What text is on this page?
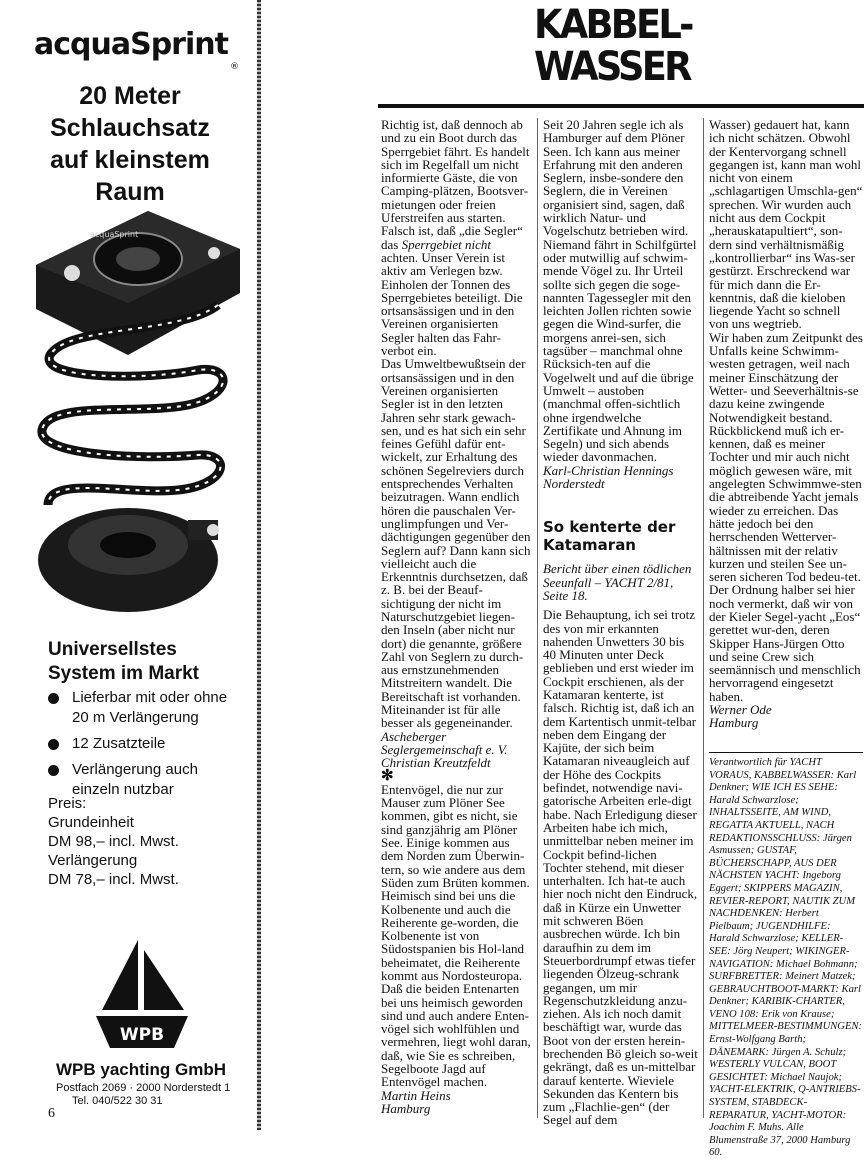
acquaSprint
®
20 Meter
Schlauchsatz
auf kleinstem
Raum
acquaSprint
Universellstes
System im Markt
Lieferbar mit oder ohne
20 m Verlängerung
12 Zusatzteile
Verlängerung auch
einzeln nutzbar
Preis:
Grundeinheit
DM 98,– incl. Mwst.
Verlängerung
DM 78,– incl. Mwst.
WPB
WPB yachting GmbH
Postfach 2069 · 2000 Norderstedt 1
Tel. 040/522 30 31
6
KABBEL-
WASSER

Richtig ist, daß dennoch ab und zu ein Boot durch das Sperrgebiet fährt. Es handelt sich im Regelfall um nicht informierte Gäste, die von Camping-plätzen, Bootsver-mietungen oder freien Uferstreifen aus starten. Falsch ist, daß „die Segler“ das Sperrgebiet nicht achten. Unser Verein ist aktiv am Verlegen bzw. Einholen der Tonnen des Sperrgebietes beteiligt. Die ortsansässigen und in den Vereinen organisierten Segler halten das Fahr-verbot ein.

Das Umweltbewußtsein der ortsansässigen und in den Vereinen organisierten Segler ist in den letzten Jahren sehr stark gewach-sen, und es hat sich ein sehr feines Gefühl dafür ent-wickelt, zur Erhaltung des schönen Segelreviers durch entsprechendes Verhalten beizutragen. Wann endlich hören die pauschalen Ver-unglimpfungen und Ver-dächtigungen gegenüber den Seglern auf? Dann kann sich vielleicht auch die Erkenntnis durchsetzen, daß z. B. bei der Beauf-sichtigung der nicht im Naturschutzgebiet liegen-den Inseln (aber nicht nur dort) die genannte, größere Zahl von Seglern zu durch-aus ernstzunehmenden Mitstreitern wandelt. Die Bereitschaft ist vorhanden. Miteinander ist für alle besser als gegeneinander.

Ascheberger
Seglergemeinschaft e. V.
Christian Kreutzfeldt

✻

Entenvögel, die nur zur Mauser zum Plöner See kommen, gibt es nicht, sie sind ganzjährig am Plöner See. Einige kommen aus dem Norden zum Überwin-tern, so wie andere aus dem Süden zum Brüten kommen. Heimisch sind bei uns die Kolbenente und auch die Reiherente ge-worden, die Kolbenente ist von Südostspanien bis Hol-land beheimatet, die Reiherente kommt aus Nordosteuropa. Daß die beiden Entenarten bei uns heimisch geworden sind und auch andere Enten-vögel sich wohlfühlen und vermehren, liegt wohl daran, daß, wie Sie es schreiben, Segelboote Jagd auf Entenvögel machen.

Martin Heins
Hamburg

Seit 20 Jahren segle ich als Hamburger auf dem Plöner Seen. Ich kann aus meiner Erfahrung mit den anderen Seglern, insbe-sondere den Seglern, die in Vereinen organisiert sind, sagen, daß wirklich Natur- und Vogelschutz betrieben wird. Niemand fährt in Schilfgürtel oder mutwillig auf schwim-mende Vögel zu. Ihr Urteil sollte sich gegen die soge-nannten Tagessegler mit den leichten Jollen richten sowie gegen die Wind-surfer, die morgens anrei-sen, sich tagsüber – manchmal ohne Rücksich-ten auf die Vogelwelt und auf die übrige Umwelt – austoben (manchmal offen-sichtlich ohne irgendwelche Zertifikate und Ahnung im Segeln) und sich abends wieder davonmachen.

Karl-Christian Hennings
Norderstedt

So kenterte der
Katamaran

Bericht über einen tödlichen Seeunfall – YACHT 2/81, Seite 18.

Die Behauptung, ich sei trotz des von mir erkannten nahenden Unwetters 30 bis 40 Minuten unter Deck geblieben und erst wieder im Cockpit erschienen, als der Katamaran kenterte, ist falsch. Richtig ist, daß ich an dem Kartentisch unmit-telbar neben dem Eingang der Kajüte, der sich beim Katamaran niveaugleich auf der Höhe des Cockpits befindet, notwendige navi-gatorische Arbeiten erle-digt habe. Nach Erledigung dieser Arbeiten habe ich mich, unmittelbar neben meiner im Cockpit befind-lichen Tochter stehend, mit dieser unterhalten. Ich hat-te auch hier noch nicht den Eindruck, daß in Kürze ein Unwetter mit schweren Böen ausbrechen würde. Ich bin daraufhin zu dem im Steuerbordrumpf etwas tiefer liegenden Ölzeug-schrank gegangen, um mir Regenschutzkleidung anzu-ziehen. Als ich noch damit beschäftigt war, wurde das Boot von der ersten herein-brechenden Bö gleich so-weit gekrängt, daß es un-mittelbar darauf kenterte. Wieviele Sekunden das Kentern bis zum „Flachlie-gen“ (der Segel auf dem

Wasser) gedauert hat, kann ich nicht schätzen. Obwohl der Kentervorgang schnell gegangen ist, kann man wohl nicht von einem „schlagartigen Umschla-gen“ sprechen. Wir wurden auch nicht aus dem Cockpit „herauskatapultiert“, son-dern sind verhältnismäßig „kontrollierbar“ ins Was-ser gestürzt. Erschreckend war für mich dann die Er-kenntnis, daß die kieloben liegende Yacht so schnell von uns wegtrieb.

Wir haben zum Zeitpunkt des Unfalls keine Schwimm-westen getragen, weil nach meiner Einschätzung der Wetter- und Seeverhältnis-se dazu keine zwingende Notwendigkeit bestand. Rückblickend muß ich er-kennen, daß es meiner Tochter und mir auch nicht möglich gewesen wäre, mit angelegten Schwimmwe-sten die abtreibende Yacht jemals wieder zu erreichen. Das hätte jedoch bei den herrschenden Wetterver-hältnissen mit der relativ kurzen und steilen See un-seren sicheren Tod bedeu-tet.

Der Ordnung halber sei hier noch vermerkt, daß wir von der Kieler Segel-yacht „Eos“ gerettet wur-den, deren Skipper Hans-Jürgen Otto und seine Crew sich seemännisch und menschlich hervorragend eingesetzt haben.

Werner Ode
Hamburg

Verantwortlich für YACHT VORAUS, KABBELWASSER: Karl Denkner; WIE ICH ES SEHE: Harald Schwarzlose; INHALTSSEITE, AM WIND, REGATTA AKTUELL, NACH REDAKTIONSSCHLUSS: Jürgen Asmussen; GUSTAF, BÜCHERSCHAPP, AUS DER NÄCHSTEN YACHT: Ingeborg Eggert; SKIPPERS MAGAZIN, REVIER-REPORT, NAUTIK ZUM NACHDENKEN: Herbert Pielbaum; JUGENDHILFE: Harald Schwarzlose; KELLER-SEE: Jörg Neupert; WIKINGER-NAVIGATION: Michael Bohmann; SURFBRETTER: Meinert Matzek; GEBRAUCHTBOOT-MARKT: Karl Denkner; KARIBIK-CHARTER, VENO 108: Erik von Krause; MITTELMEER-BESTIMMUNGEN: Ernst-Wolfgang Barth; DÄNEMARK: Jürgen A. Schulz; WESTERLY VULCAN, BOOT GESICHTET: Michael Naujok; YACHT-ELEKTRIK, Q-ANTRIEBS-SYSTEM, STABDECK-REPARATUR, YACHT-MOTOR: Joachim F. Muhs. Alle Blumenstraße 37, 2000 Hamburg 60.
